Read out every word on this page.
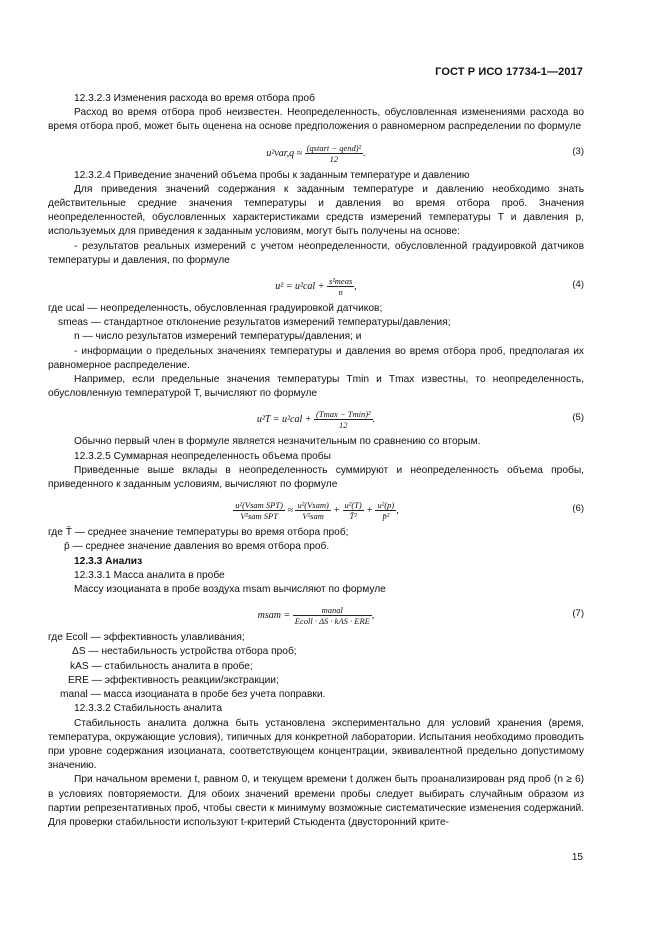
ГОСТ Р ИСО 17734-1—2017

12.3.2.3 Изменения расхода во время отбора проб

Расход во время отбора проб неизвестен. Неопределенность, обусловленная изменениями расхода во время отбора проб, может быть оценена на основе предположения о равномерном распределении по формуле

$u^2var,q \approx \frac{\text{(qstart − qend)²}}{12}$ .	(3)

12.3.2.4 Приведение значений объема пробы к заданным температуре и давлению

Для приведения значений содержания к заданным температуре и давлению необходимо знать действительные средние значения температуры и давления во время отбора проб. Значения неопределенностей, обусловленных характеристиками средств измерений температуры T и давления p, используемых для приведения к заданным условиям, могут быть получены на основе:

- результатов реальных измерений с учетом неопределенности, обусловленной градуировкой датчиков температуры и давления, по формуле

$u^2 = u^2cal + \frac{\text{s²meas}}{n}$ ,	(4)

где ucal — неопределенность, обусловленная градуировкой датчиков;

smeas — стандартное отклонение результатов измерений температуры/давления;

n — число результатов измерений температуры/давления; и

- информации о предельных значениях температуры и давления во время отбора проб, предполагая их равномерное распределение.

Например, если предельные значения температуры Tmin и Tmax известны, то неопределенность, обусловленную температурой T, вычисляют по формуле

$u^2T = u^2cal + \frac{\text{(Tmax − Tmin)²}}{12}$ .	(5)

Обычно первый член в формуле является незначительным по сравнению со вторым.

12.3.2.5 Суммарная неопределенность объема пробы

Приведенные выше вклады в неопределенность суммируют и неопределенность объема пробы, приведенного к заданным условиям, вычисляют по формуле

$\frac{\text{u²(Vsam SPT)}}{\text{V²sam SPT}} \approx \frac{\text{u²(Vsam)}}{\text{V²sam}} + \frac{\text{u²(T)}}{\text{T̄²}} + \frac{\text{u²(p)}}{\text{p̄²}}$ ,	(6)

где T̄ — среднее значение температуры во время отбора проб;

p̄ — среднее значение давления во время отбора проб.

12.3.3 Анализ

12.3.3.1 Масса аналита в пробе

Массу изоцианата в пробе воздуха msam вычисляют по формуле

msam = $\frac{\text{manal}}{\text{Ecoll · ΔS · kAS · ERE}}$ ,	(7)

где Ecoll — эффективность улавливания;

ΔS — нестабильность устройства отбора проб;

kAS — стабильность аналита в пробе;

ERE — эффективность реакции/экстракции;

manal — масса изоцианата в пробе без учета поправки.

12.3.3.2 Стабильность аналита

Стабильность аналита должна быть установлена экспериментально для условий хранения (время, температура, окружающие условия), типичных для конкретной лаборатории. Испытания необходимо проводить при уровне содержания изоцианата, соответствующем концентрации, эквивалентной предельно допустимому значению.

При начальном времени t, равном 0, и текущем времени t должен быть проанализирован ряд проб (n ≥ 6) в условиях повторяемости. Для обоих значений времени пробы следует выбирать случайным образом из партии репрезентативных проб, чтобы свести к минимуму возможные систематические изменения содержаний. Для проверки стабильности используют t-критерий Стьюдента (двусторонний крите-

15
